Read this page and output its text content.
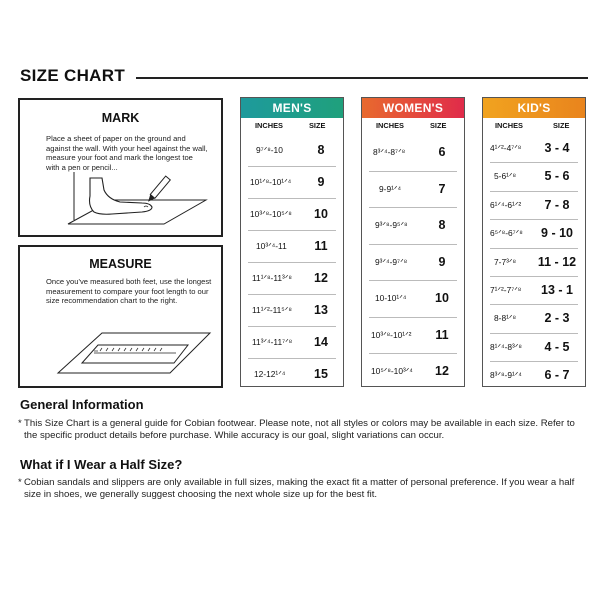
SIZE CHART
MARK

Place a sheet of paper on the ground and against the wall. With your heel against the wall, measure your foot and mark the longest toe with a pen or pencil...

MEASURE

Once you've measured both feet, use the longest measurement to compare your foot length to our size recommendation chart to the right.

MEN'S
INCHES	SIZE
9⁷ᐟ⁸-10	8
10¹ᐟ⁸-10¹ᐟ⁴	9
10³ᐟ⁸-10⁵ᐟ⁸	10
10³ᐟ⁴-11	11
11¹ᐟ⁸-11³ᐟ⁸	12
11¹ᐟ²-11⁵ᐟ⁸	13
11³ᐟ⁴-11⁷ᐟ⁸	14
12-12¹ᐟ⁴	15
WOMEN'S
INCHES	SIZE
8³ᐟ⁴-8⁷ᐟ⁸	6
9-9¹ᐟ⁴	7
9³ᐟ⁸-9⁵ᐟ⁸	8
9³ᐟ⁴-9⁷ᐟ⁸	9
10-10¹ᐟ⁴	10
10³ᐟ⁸-10¹ᐟ²	11
10⁵ᐟ⁸-10³ᐟ⁴	12
KID'S
INCHES	SIZE
4¹ᐟ²-4⁷ᐟ⁸	3 - 4
5-6¹ᐟ⁸	5 - 6
6¹ᐟ⁴-6¹ᐟ²	7 - 8
6⁵ᐟ⁸-6⁷ᐟ⁸	9 - 10
7-7³ᐟ⁸	11 - 12
7¹ᐟ²-7⁷ᐟ⁸	13 - 1
8-8¹ᐟ⁸	2 - 3
8¹ᐟ⁴-8³ᐟ⁸	4 - 5
8³ᐟ⁸-9¹ᐟ⁴	6 - 7
General Information
* This Size Chart is a general guide for Cobian footwear. Please note, not all styles or colors may be available in each size. Refer to the specific product details before purchase. While accuracy is our goal, slight variations can occur.
What if I Wear a Half Size?
* Cobian sandals and slippers are only available in full sizes, making the exact fit a matter of personal preference. If you wear a half size in shoes, we generally suggest choosing the next whole size up for the best fit.
